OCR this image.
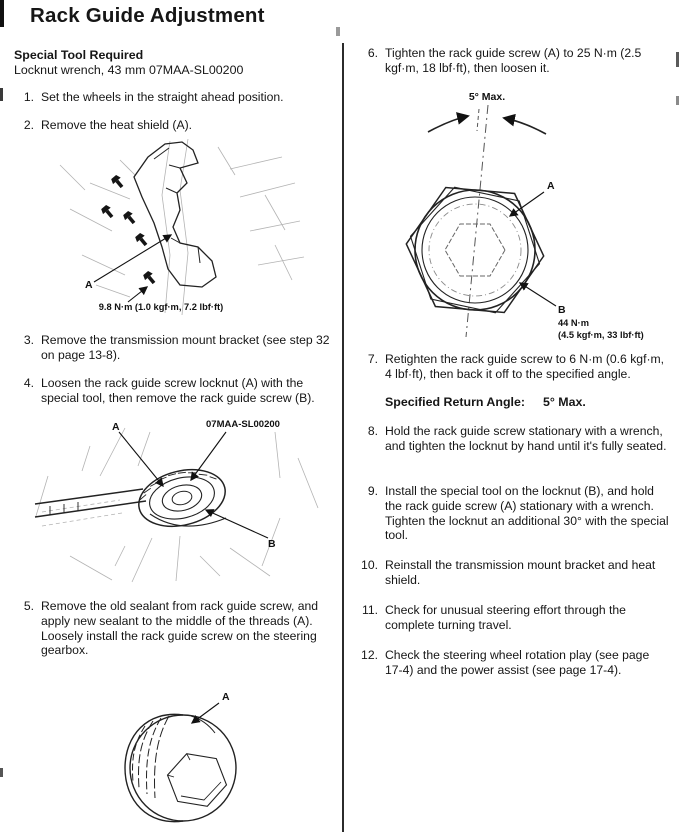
Rack Guide Adjustment
Special Tool Required
Locknut wrench, 43 mm 07MAA-SL00200
1. Set the wheels in the straight ahead position.
2. Remove the heat shield (A).
A
9.8 N·m (1.0 kgf·m, 7.2 lbf·ft)
3. Remove the transmission mount bracket (see step 32 on page 13-8).
4. Loosen the rack guide screw locknut (A) with the special tool, then remove the rack guide screw (B).
A	07MAA-SL00200
B
5. Remove the old sealant from rack guide screw, and apply new sealant to the middle of the threads (A). Loosely install the rack guide screw on the steering gearbox.
A
6. Tighten the rack guide screw (A) to 25 N·m (2.5 kgf·m, 18 lbf·ft), then loosen it.
5° Max.
A
B
44 N·m
(4.5 kgf·m, 33 lbf·ft)
7. Retighten the rack guide screw to 6 N·m (0.6 kgf·m, 4 lbf·ft), then back it off to the specified angle.
Specified Return Angle: 5° Max.
8. Hold the rack guide screw stationary with a wrench, and tighten the locknut by hand until it's fully seated.
9. Install the special tool on the locknut (B), and hold the rack guide screw (A) stationary with a wrench. Tighten the locknut an additional 30° with the special tool.
10. Reinstall the transmission mount bracket and heat shield.
11. Check for unusual steering effort through the complete turning travel.
12. Check the steering wheel rotation play (see page 17-4) and the power assist (see page 17-4).
